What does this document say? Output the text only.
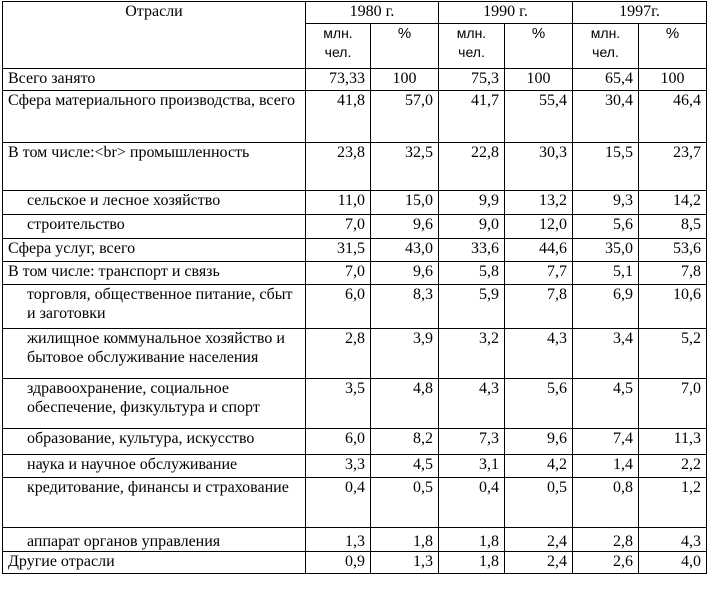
Отрасли	1980 г.		1990 г.		1997г.	
	млн. чел.	%	млн. чел.	%	млн. чел.	%
Всего занято	73,33	100	75,3	100	65,4	100
Сфера материального производства, всего	41,8	57,0	41,7	55,4	30,4	46,4
В том числе:<br> промышленность	23,8	32,5	22,8	30,3	15,5	23,7
сельское и лесное хозяйство	11,0	15,0	9,9	13,2	9,3	14,2
строительство	7,0	9,6	9,0	12,0	5,6	8,5
Сфера услуг, всего	31,5	43,0	33,6	44,6	35,0	53,6
В том числе: транспорт и связь	7,0	9,6	5,8	7,7	5,1	7,8
торговля, общественное питание, сбыт и заготовки	6,0	8,3	5,9	7,8	6,9	10,6
жилищное коммунальное хозяйство и бытовое обслуживание населения	2,8	3,9	3,2	4,3	3,4	5,2
здравоохранение, социальное обеспечение, физкультура и спорт	3,5	4,8	4,3	5,6	4,5	7,0
образование, культура, искусство	6,0	8,2	7,3	9,6	7,4	11,3
наука и научное обслуживание	3,3	4,5	3,1	4,2	1,4	2,2
кредитование, финансы и страхование	0,4	0,5	0,4	0,5	0,8	1,2
аппарат органов управления	1,3	1,8	1,8	2,4	2,8	4,3
Другие отрасли	0,9	1,3	1,8	2,4	2,6	4,0
